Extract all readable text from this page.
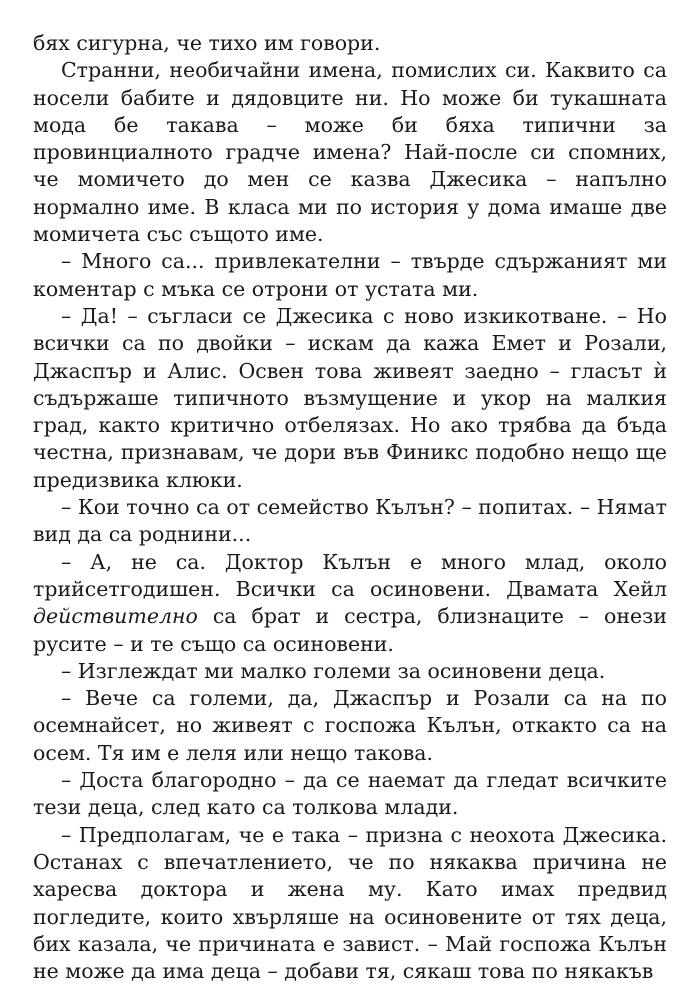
бях сигурна, че тихо им говори.

Странни, необичайни имена, помислих си. Каквито са носели бабите и дядовците ни. Но може би тукашната мода бе такава – може би бяха типични за провинциалното градче имена? Най-после си спомних, че момичето до мен се казва Джесика – напълно нормално име. В класа ми по история у дома имаше две момичета със същото име.

– Много са... привлекателни – твърде сдържаният ми коментар с мъка се отрони от устата ми.

– Да! – съгласи се Джесика с ново изкикотване. – Но всички са по двойки – искам да кажа Емет и Розали, Джаспър и Алис. Освен това живеят заедно – гласът ѝ съдържаше типичното възмущение и укор на малкия град, както критично отбелязах. Но ако трябва да бъда честна, признавам, че дори във Финикс подобно нещо ще предизвика клюки.

– Кои точно са от семейство Кълън? – попитах. – Нямат вид да са роднини...

– А, не са. Доктор Кълън е много млад, около трийсетгодишен. Всички са осиновени. Двамата Хейл действително са брат и сестра, близнаците – онези русите – и те също са осиновени.

– Изглеждат ми малко големи за осиновени деца.

– Вече са големи, да, Джаспър и Розали са на по осемнайсет, но живеят с госпожа Кълън, откакто са на осем. Тя им е леля или нещо такова.

– Доста благородно – да се наемат да гледат всичките тези деца, след като са толкова млади.

– Предполагам, че е така – призна с неохота Джесика. Останах с впечатлението, че по някаква причина не харесва доктора и жена му. Като имах предвид погледите, които хвърляше на осиновените от тях деца, бих казала, че причината е завист. – Май госпожа Кълън не може да има деца – добави тя, сякаш това по някакъв
